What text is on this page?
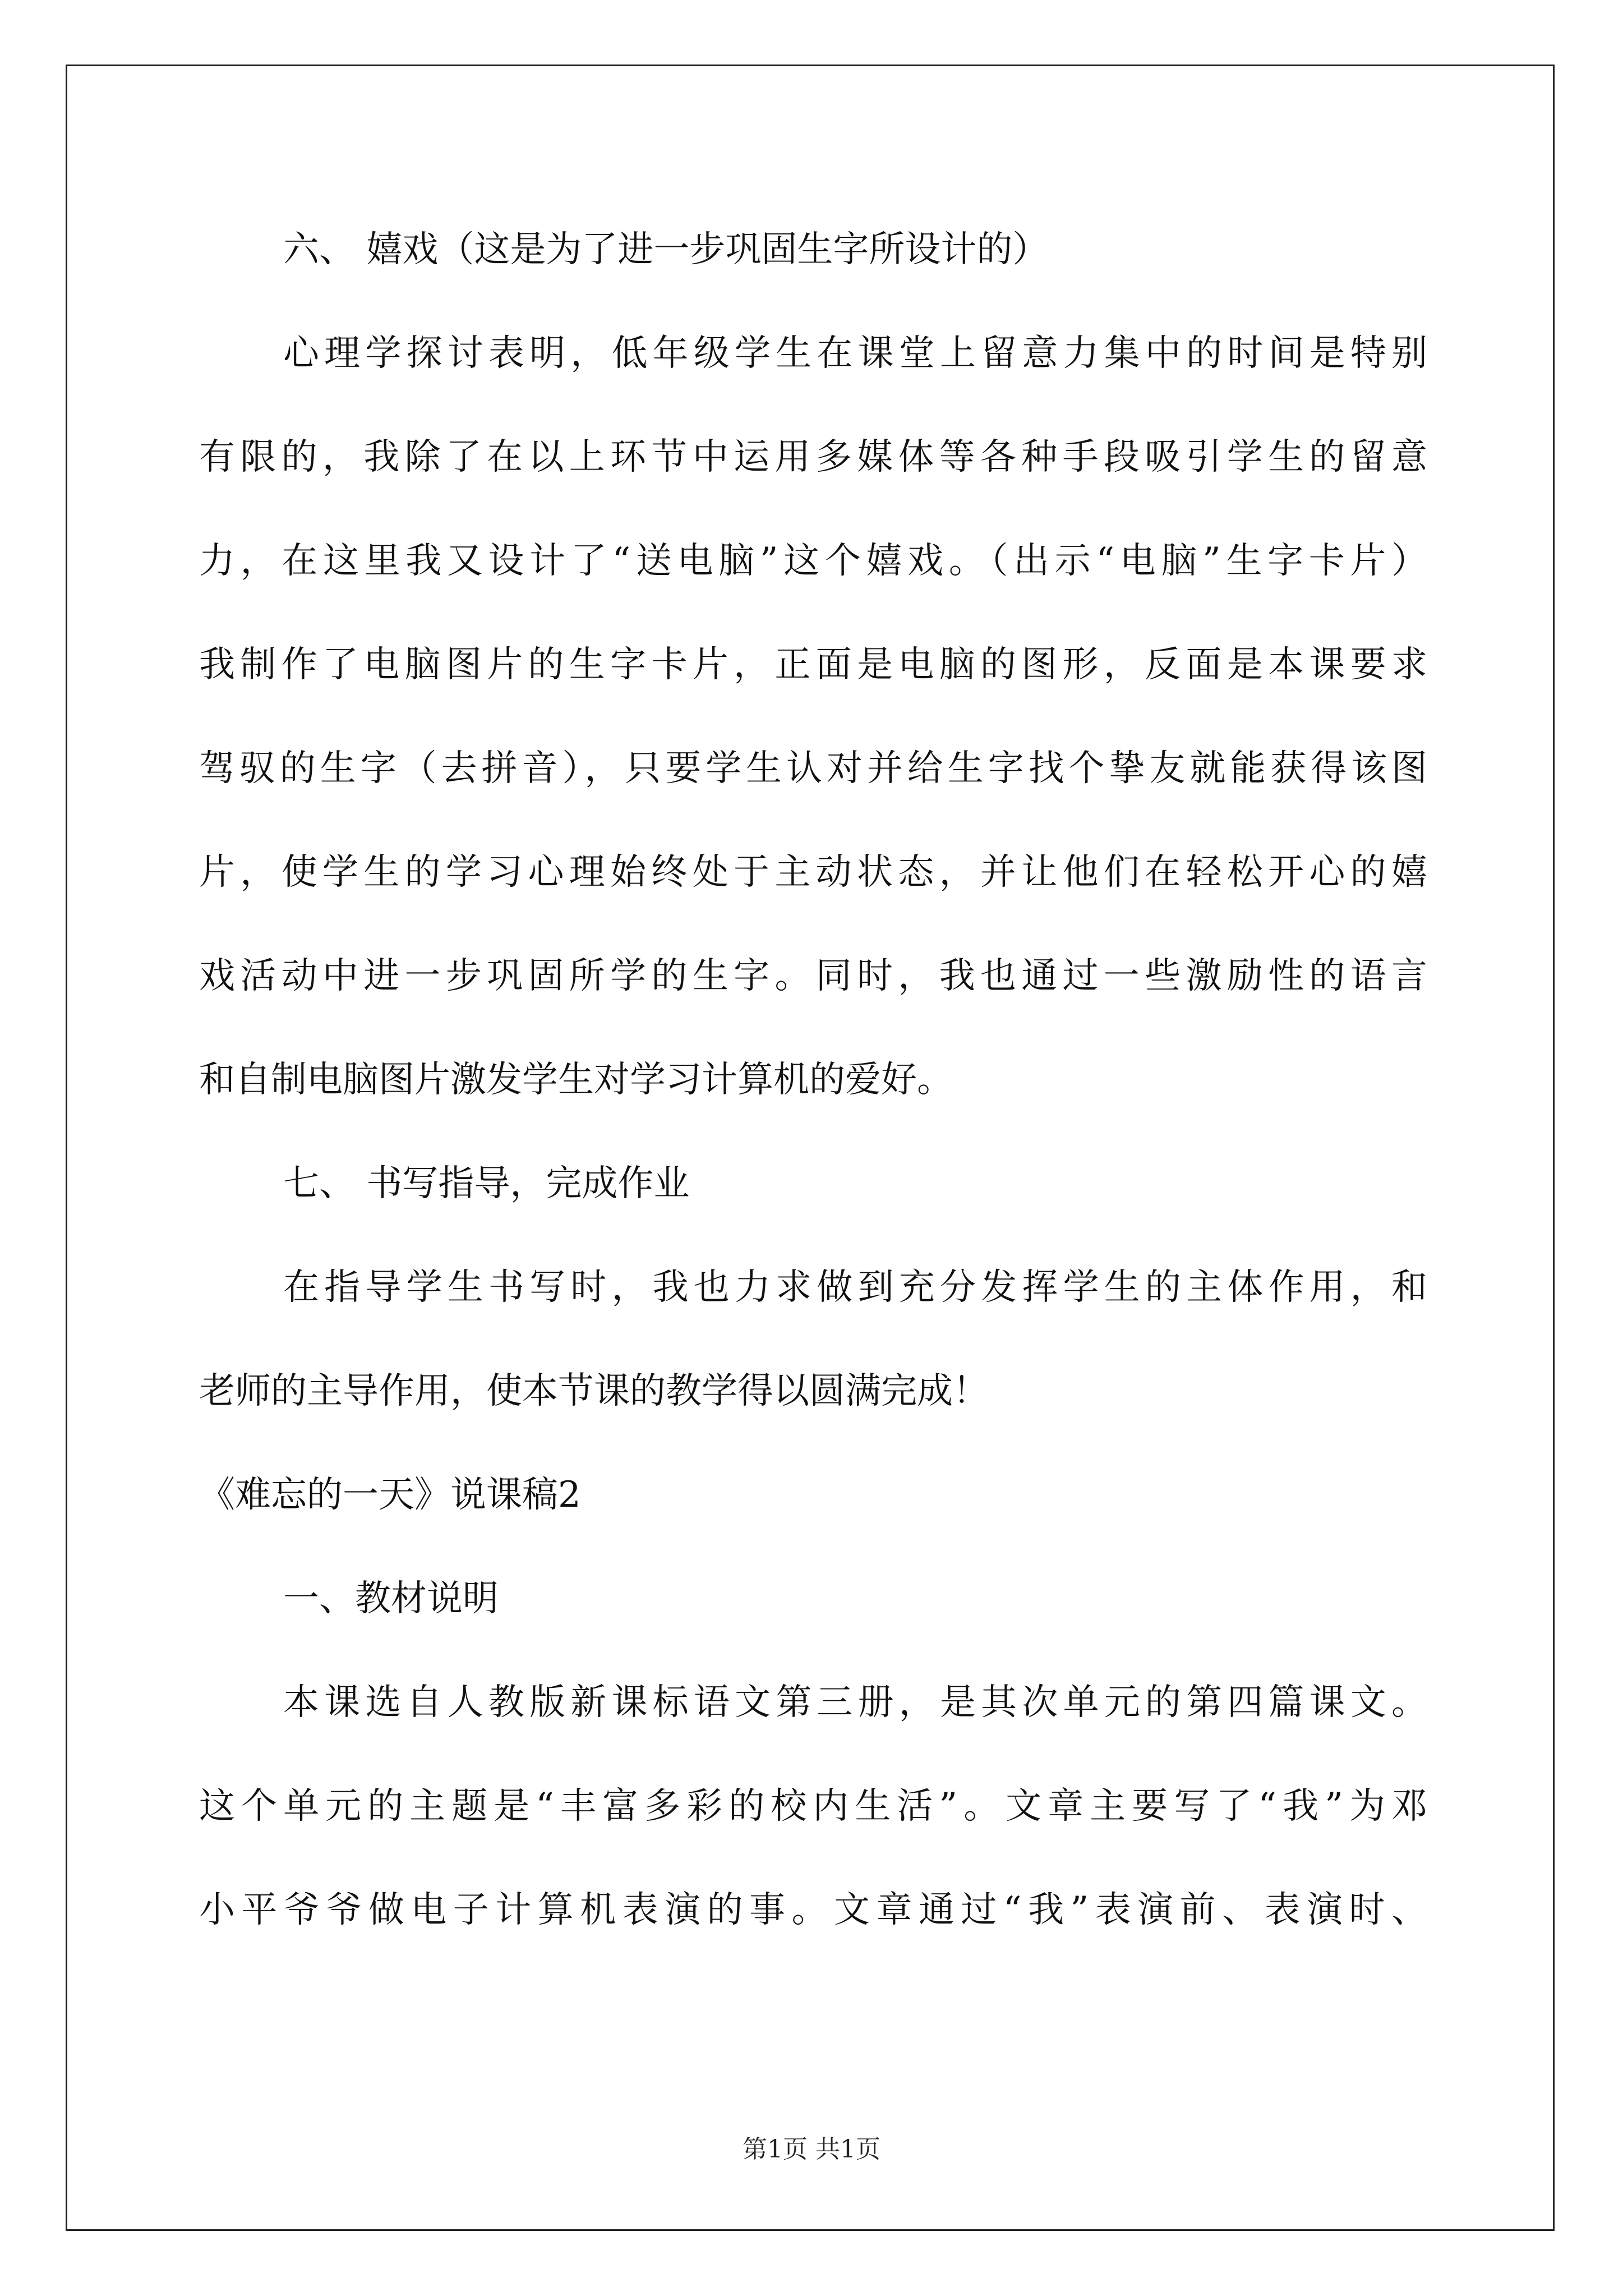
六、 嬉戏（这是为了进一步巩固生字所设计的）
心理学探讨表明，低年级学生在课堂上留意力集中的时间是特别
有限的，我除了在以上环节中运用多媒体等各种手段吸引学生的留意
力，在这里我又设计了“送电脑”这个嬉戏。（出示“电脑”生字卡片）
我制作了电脑图片的生字卡片，正面是电脑的图形，反面是本课要求
驾驭的生字（去拼音），只要学生认对并给生字找个挚友就能获得该图
片，使学生的学习心理始终处于主动状态，并让他们在轻松开心的嬉
戏活动中进一步巩固所学的生字。同时，我也通过一些激励性的语言
和自制电脑图片激发学生对学习计算机的爱好。
七、 书写指导，完成作业
在指导学生书写时，我也力求做到充分发挥学生的主体作用，和
老师的主导作用，使本节课的教学得以圆满完成！
《难忘的一天》说课稿2
一、教材说明
本课选自人教版新课标语文第三册，是其次单元的第四篇课文。
这个单元的主题是“丰富多彩的校内生活”。文章主要写了“我”为邓
小平爷爷做电子计算机表演的事。文章通过“我”表演前、表演时、
第1页 共1页
